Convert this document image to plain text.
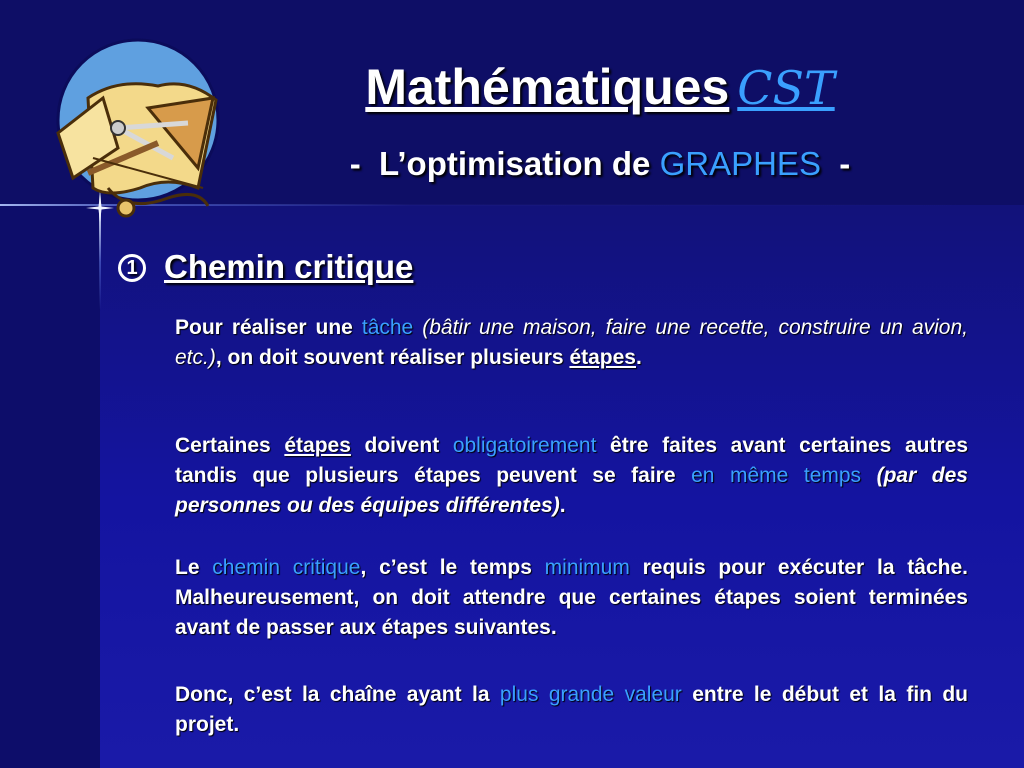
Mathématiques CST
- L’optimisation de GRAPHES -
1 Chemin critique
Pour réaliser une tâche (bâtir une maison, faire une recette, construire un avion, etc.), on doit souvent réaliser plusieurs étapes.
Certaines étapes doivent obligatoirement être faites avant certaines autres tandis que plusieurs étapes peuvent se faire en même temps (par des personnes ou des équipes différentes).
Le chemin critique, c’est le temps minimum requis pour exécuter la tâche. Malheureusement, on doit attendre que certaines étapes soient terminées avant de passer aux étapes suivantes.
Donc, c’est la chaîne ayant la plus grande valeur entre le début et la fin du projet.
